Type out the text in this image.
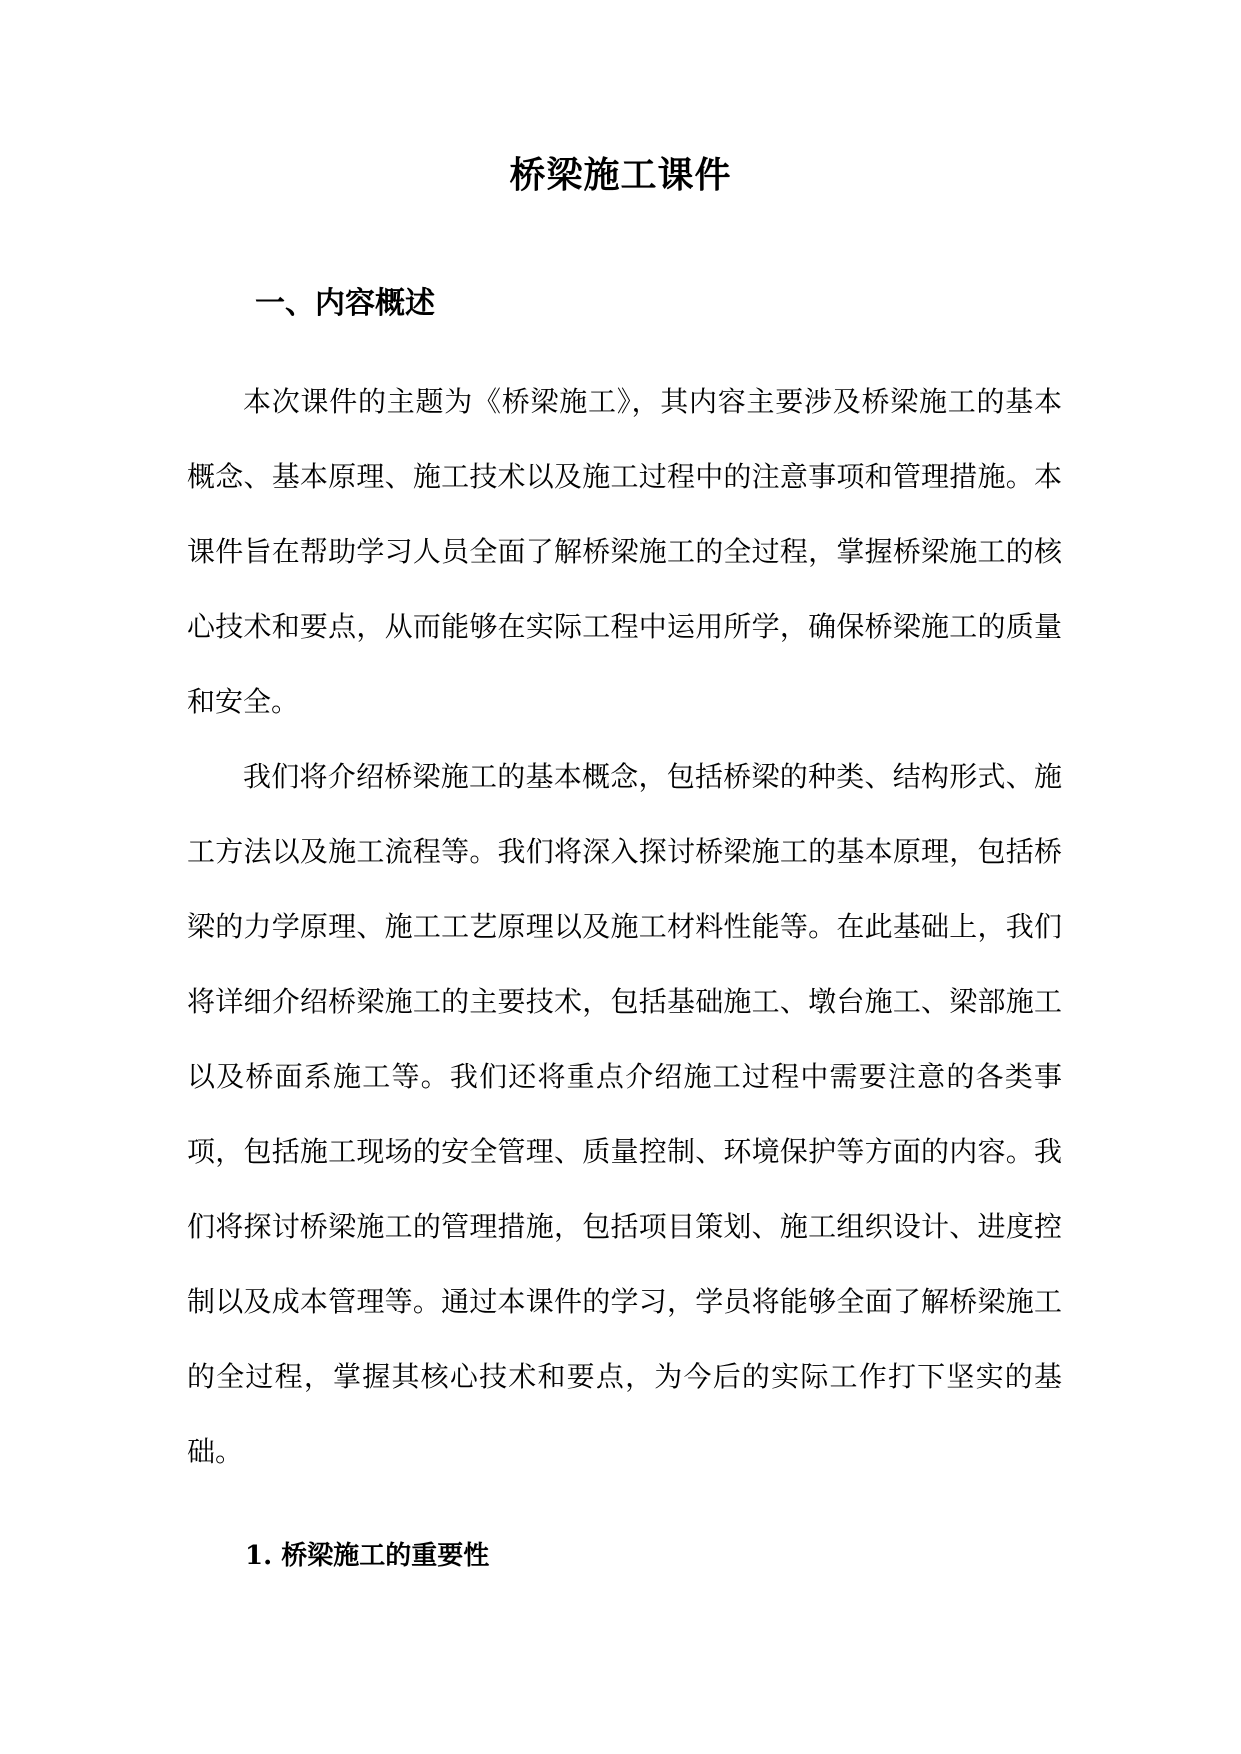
桥梁施工课件
一、内容概述

本次课件的主题为《桥梁施工》，其内容主要涉及桥梁施工的基本概念、基本原理、施工技术以及施工过程中的注意事项和管理措施。本课件旨在帮助学习人员全面了解桥梁施工的全过程，掌握桥梁施工的核心技术和要点，从而能够在实际工程中运用所学，确保桥梁施工的质量和安全。

我们将介绍桥梁施工的基本概念，包括桥梁的种类、结构形式、施工方法以及施工流程等。我们将深入探讨桥梁施工的基本原理，包括桥梁的力学原理、施工工艺原理以及施工材料性能等。在此基础上，我们将详细介绍桥梁施工的主要技术，包括基础施工、墩台施工、梁部施工以及桥面系施工等。我们还将重点介绍施工过程中需要注意的各类事项，包括施工现场的安全管理、质量控制、环境保护等方面的内容。我们将探讨桥梁施工的管理措施，包括项目策划、施工组织设计、进度控制以及成本管理等。通过本课件的学习，学员将能够全面了解桥梁施工的全过程，掌握其核心技术和要点，为今后的实际工作打下坚实的基础。

1. 桥梁施工的重要性
